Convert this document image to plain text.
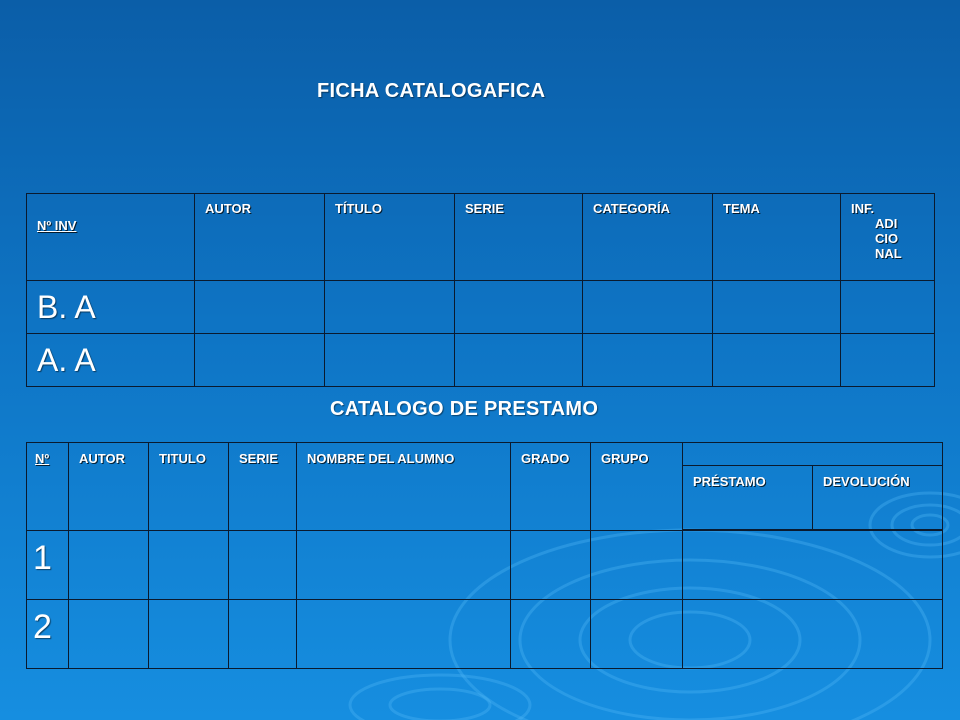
FICHA CATALOGAFICA
Nº INV	AUTOR	TÍTULO	SERIE	CATEGORÍA	TEMA	INF.
ADI
CIO
NAL

B. A						

A. A						

CATALOGO DE PRESTAMO
Nº	AUTOR	TITULO	SERIE	NOMBRE DEL ALUMNO	GRADO	GRUPO

PRÉSTAMO	DEVOLUCIÓN

1

2
